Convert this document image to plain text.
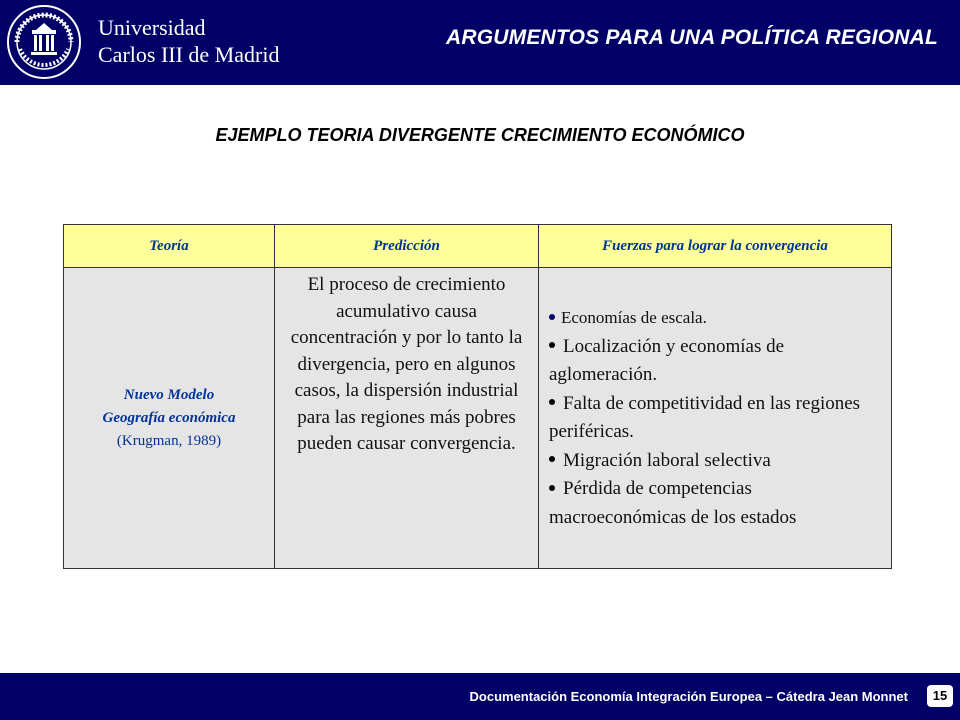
Universidad
Carlos III de Madrid
ARGUMENTOS PARA UNA POLÍTICA REGIONAL
EJEMPLO TEORIA DIVERGENTE CRECIMIENTO ECONÓMICO
Teoría	Predicción	Fuerzas para lograr la convergencia

Nuevo Modelo
Geografía económica
(Krugman, 1989)	El proceso de crecimiento acumulativo causa concentración y por lo tanto la divergencia, pero en algunos casos, la dispersión industrial para las regiones más pobres pueden causar convergencia.	Economías de escala.
Localización y economías de aglomeración.
Falta de competitividad en las regiones periféricas.
Migración laboral selectiva
Pérdida de competencias macroeconómicas de los estados
Documentación Economía Integración Europea – Cátedra Jean Monnet	15
